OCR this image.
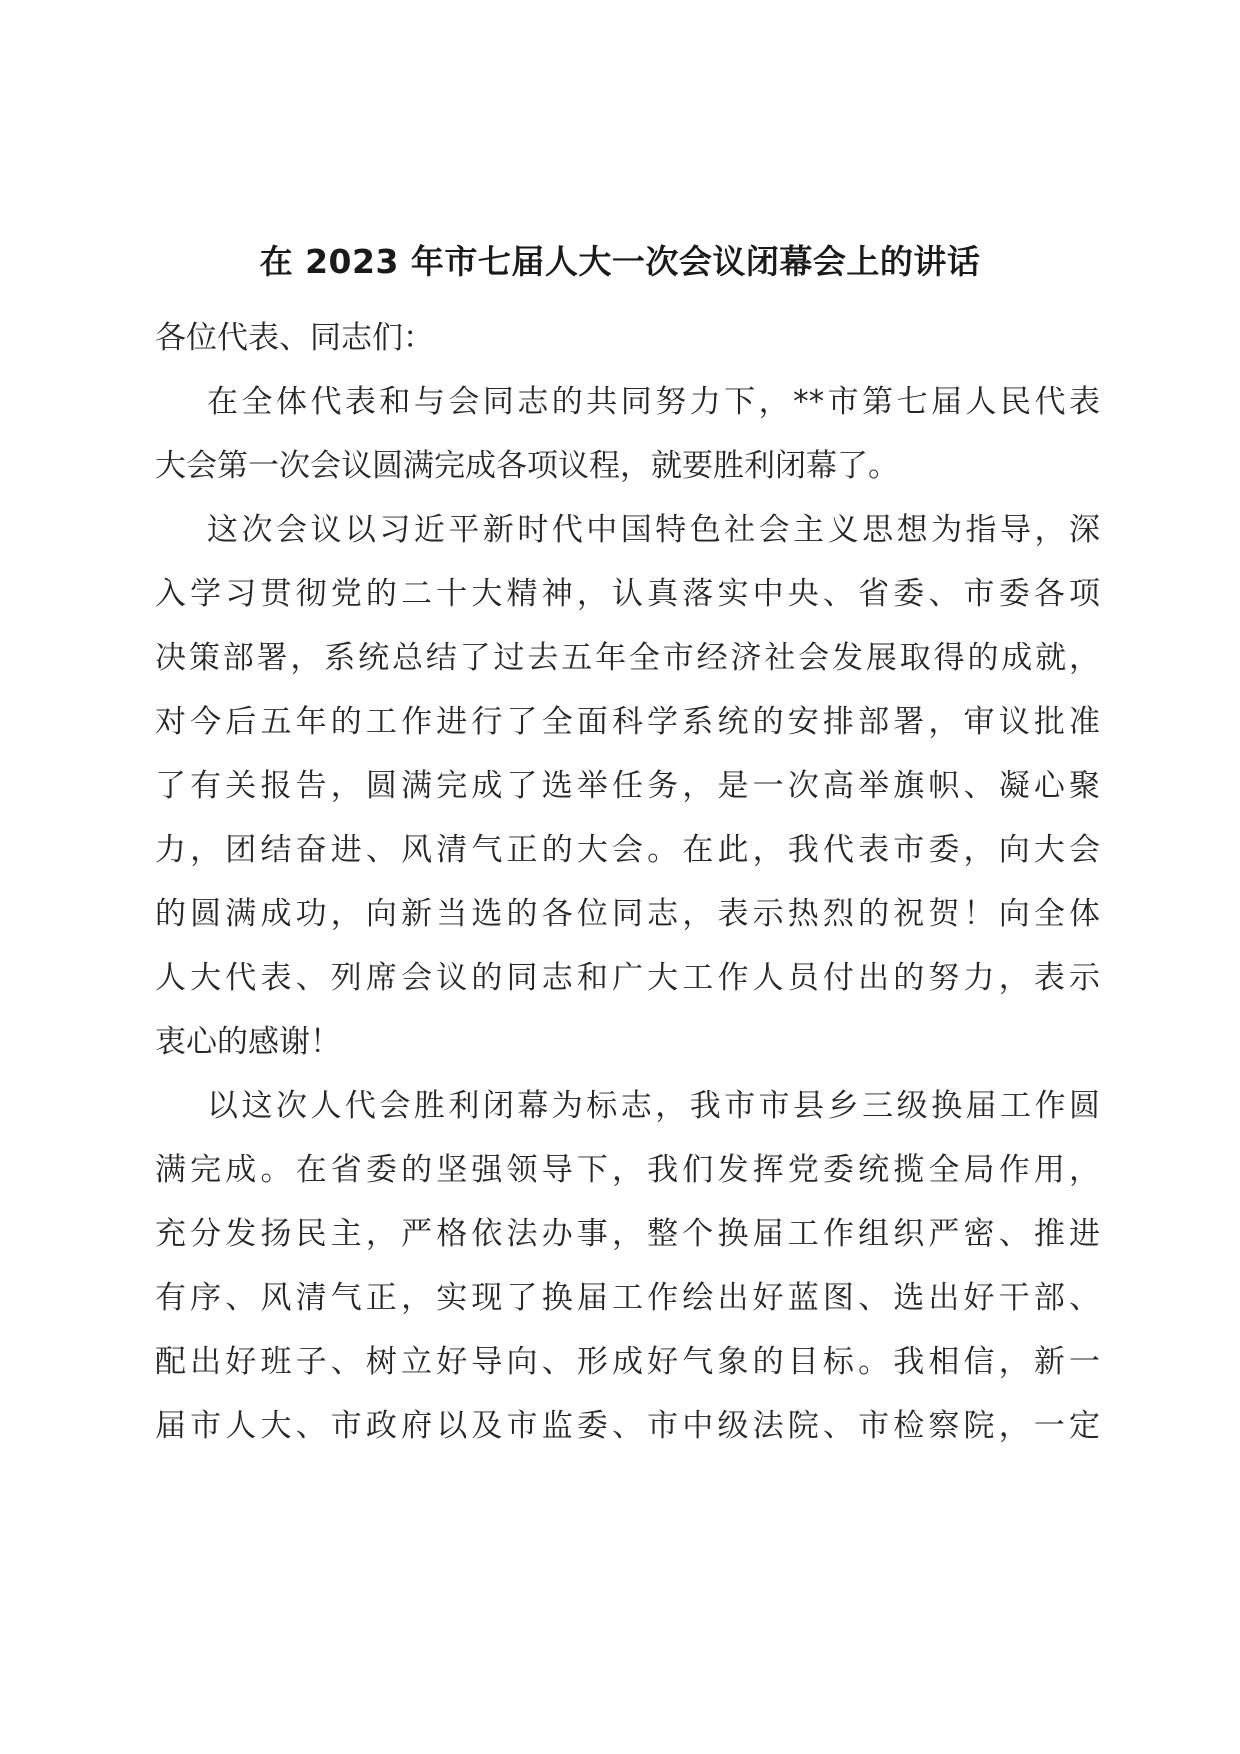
在 2023 年市七届人大一次会议闭幕会上的讲话
各位代表、同志们：
在全体代表和与会同志的共同努力下，**市第七届人民代表
大会第一次会议圆满完成各项议程，就要胜利闭幕了。
这次会议以习近平新时代中国特色社会主义思想为指导，深
入学习贯彻党的二十大精神，认真落实中央、省委、市委各项
决策部署，系统总结了过去五年全市经济社会发展取得的成就，
对今后五年的工作进行了全面科学系统的安排部署，审议批准
了有关报告，圆满完成了选举任务，是一次高举旗帜、凝心聚
力，团结奋进、风清气正的大会。在此，我代表市委，向大会
的圆满成功，向新当选的各位同志，表示热烈的祝贺！向全体
人大代表、列席会议的同志和广大工作人员付出的努力，表示
衷心的感谢！
以这次人代会胜利闭幕为标志，我市市县乡三级换届工作圆
满完成。在省委的坚强领导下，我们发挥党委统揽全局作用，
充分发扬民主，严格依法办事，整个换届工作组织严密、推进
有序、风清气正，实现了换届工作绘出好蓝图、选出好干部、
配出好班子、树立好导向、形成好气象的目标。我相信，新一
届市人大、市政府以及市监委、市中级法院、市检察院，一定
